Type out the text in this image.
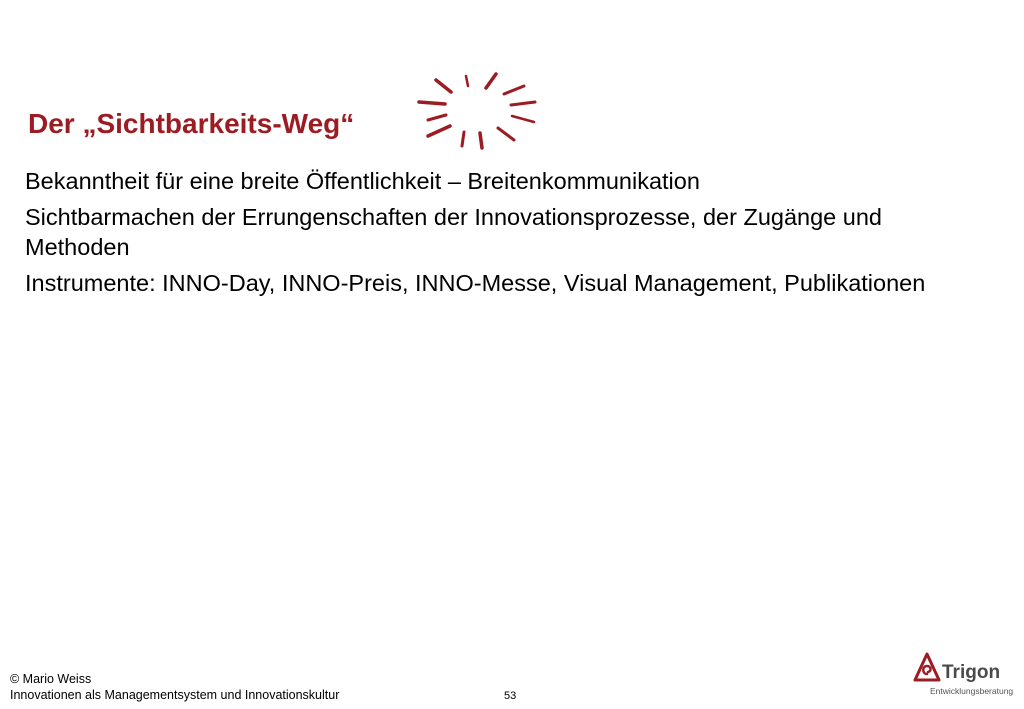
Der „Sichtbarkeits-Weg“
Bekanntheit für eine breite Öffentlichkeit – Breitenkommunikation
Sichtbarmachen der Errungenschaften der Innovationsprozesse, der Zugänge und Methoden
Instrumente: INNO-Day, INNO-Preis, INNO-Messe, Visual Management, Publikationen
© Mario Weiss
Innovationen als Managementsystem und Innovationskultur	53
Trigon
Entwicklungsberatung
